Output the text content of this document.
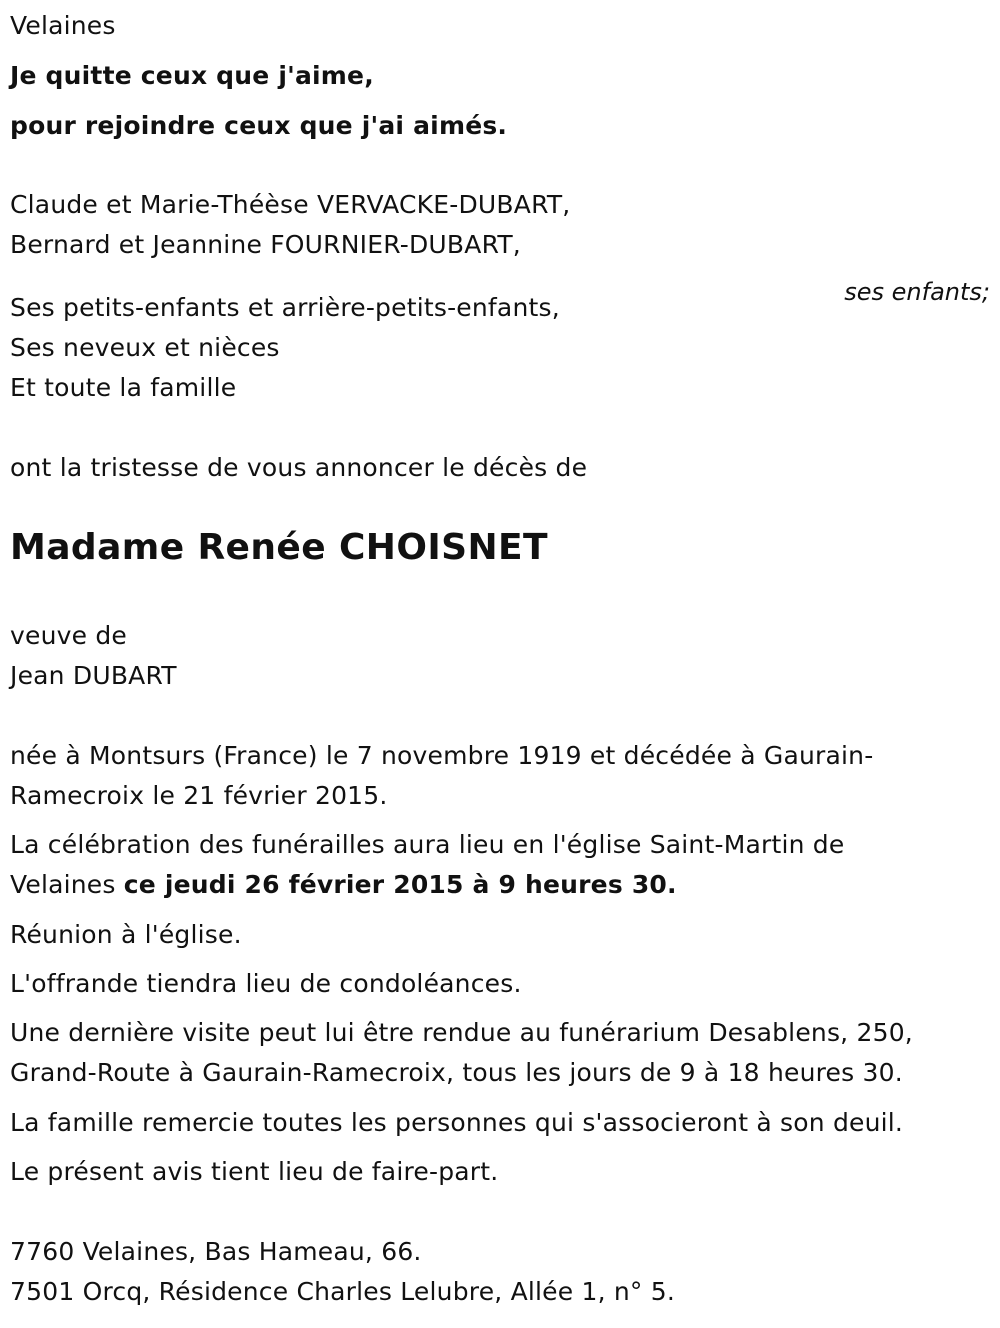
Velaines

Je quitte ceux que j'aime,

pour rejoindre ceux que j'ai aimés.

Claude et Marie-Théèse VERVACKE-DUBART,

Bernard et Jeannine FOURNIER-DUBART,

ses enfants;

Ses petits-enfants et arrière-petits-enfants,

Ses neveux et nièces

Et toute la famille

ont la tristesse de vous annoncer le décès de

Madame Renée CHOISNET

veuve de

Jean DUBART

née à Montsurs (France) le 7 novembre 1919 et décédée à Gaurain-

Ramecroix le 21 février 2015.

La célébration des funérailles aura lieu en l'église Saint-Martin de

Velaines ce jeudi 26 février 2015 à 9 heures 30.

Réunion à l'église.

L'offrande tiendra lieu de condoléances.

Une dernière visite peut lui être rendue au funérarium Desablens, 250,

Grand-Route à Gaurain-Ramecroix, tous les jours de 9 à 18 heures 30.

La famille remercie toutes les personnes qui s'associeront à son deuil.

Le présent avis tient lieu de faire-part.

7760 Velaines, Bas Hameau, 66.

7501 Orcq, Résidence Charles Lelubre, Allée 1, n° 5.
